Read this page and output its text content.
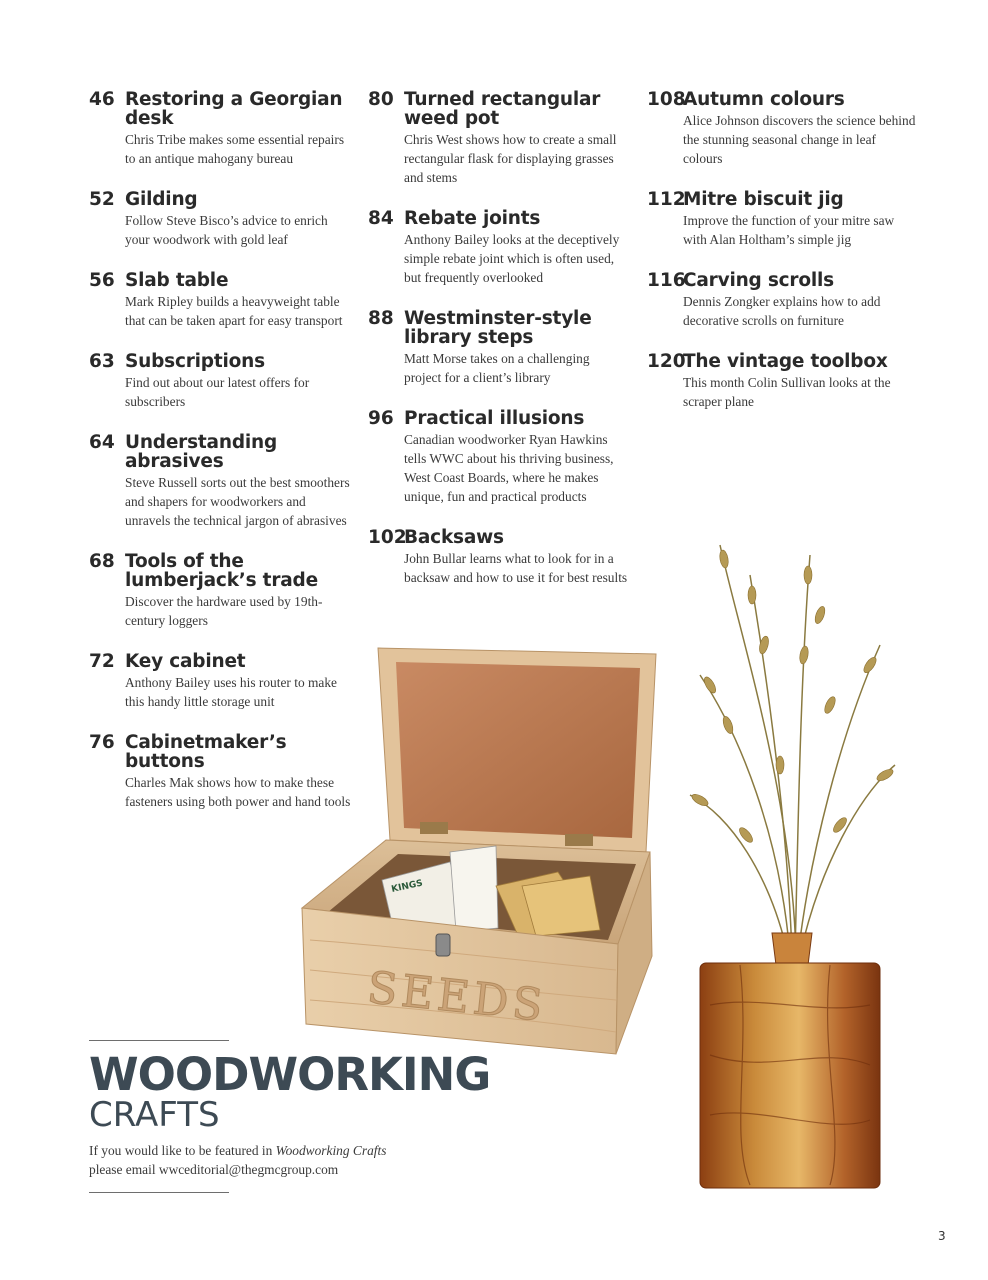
46 Restoring a Georgian desk
Chris Tribe makes some essential repairs to an antique mahogany bureau
52 Gilding
Follow Steve Bisco’s advice to enrich your woodwork with gold leaf
56 Slab table
Mark Ripley builds a heavyweight table that can be taken apart for easy transport
63 Subscriptions
Find out about our latest offers for subscribers
64 Understanding abrasives
Steve Russell sorts out the best smoothers and shapers for woodworkers and unravels the technical jargon of abrasives
68 Tools of the lumberjack’s trade
Discover the hardware used by 19th-century loggers
72 Key cabinet
Anthony Bailey uses his router to make this handy little storage unit
76 Cabinetmaker’s buttons
Charles Mak shows how to make these fasteners using both power and hand tools
80 Turned rectangular weed pot
Chris West shows how to create a small rectangular flask for displaying grasses and stems
84 Rebate joints
Anthony Bailey looks at the deceptively simple rebate joint which is often used, but frequently overlooked
88 Westminster-style library steps
Matt Morse takes on a challenging project for a client’s library
96 Practical illusions
Canadian woodworker Ryan Hawkins tells WWC about his thriving business, West Coast Boards, where he makes unique, fun and practical products
102
Backsaws
John Bullar learns what to look for in a backsaw and how to use it for best results
108
Autumn colours
Alice Johnson discovers the science behind the stunning seasonal change in leaf colours
112
Mitre biscuit jig
Improve the function of your mitre saw with Alan Holtham’s simple jig
116
Carving scrolls
Dennis Zongker explains how to add decorative scrolls on furniture
120
The vintage toolbox
This month Colin Sullivan looks at the scraper plane
KINGS
SEEDS
WOODWORKING
CRAFTS
If you would like to be featured in Woodworking Crafts
please email wwceditorial@thegmcgroup.com
3
